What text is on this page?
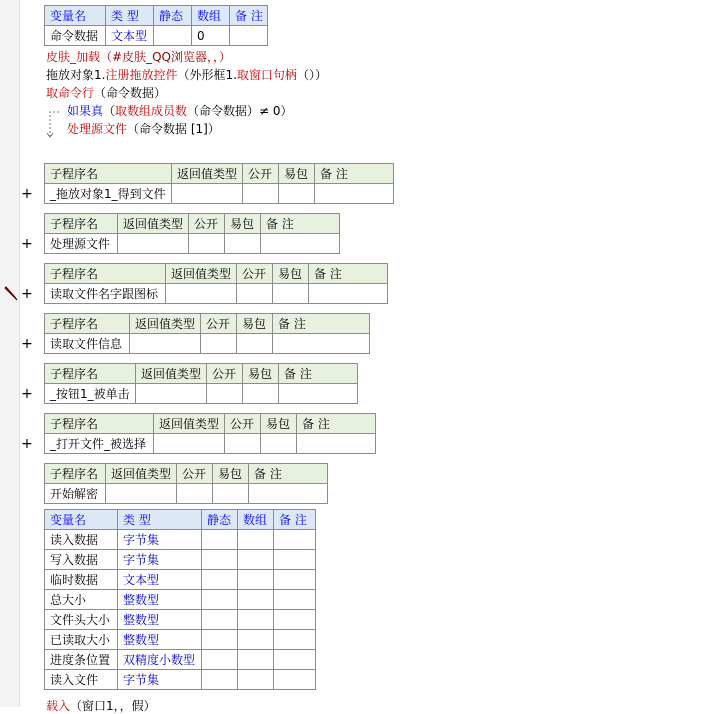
变量名	类 型	静态	数组	备 注
命令数据	文本型		0	
皮肤_加载（#皮肤_QQ浏览器，，）
拖放对象1.注册拖放控件（外形框1.取窗口句柄（））
取命令行（命令数据）
如果真（取数组成员数（命令数据）≠ 0）
处理源文件（命令数据 [1]）
+
子程序名	返回值类型	公开	易包	备 注
_拖放对象1_得到文件				
+
子程序名	返回值类型	公开	易包	备 注
处理源文件				
+
子程序名	返回值类型	公开	易包	备 注
读取文件名字跟图标				
+
子程序名	返回值类型	公开	易包	备 注
读取文件信息				
+
子程序名	返回值类型	公开	易包	备 注
_按钮1_被单击				
+
子程序名	返回值类型	公开	易包	备 注
_打开文件_被选择				
子程序名	返回值类型	公开	易包	备 注
开始解密				
变量名	类 型	静态	数组	备 注
读入数据	字节集			
写入数据	字节集			
临时数据	文本型			
总大小	整数型			
文件头大小	整数型			
已读取大小	整数型			
进度条位置	双精度小数型			
读入文件	字节集			
载入（窗口1，，假）
